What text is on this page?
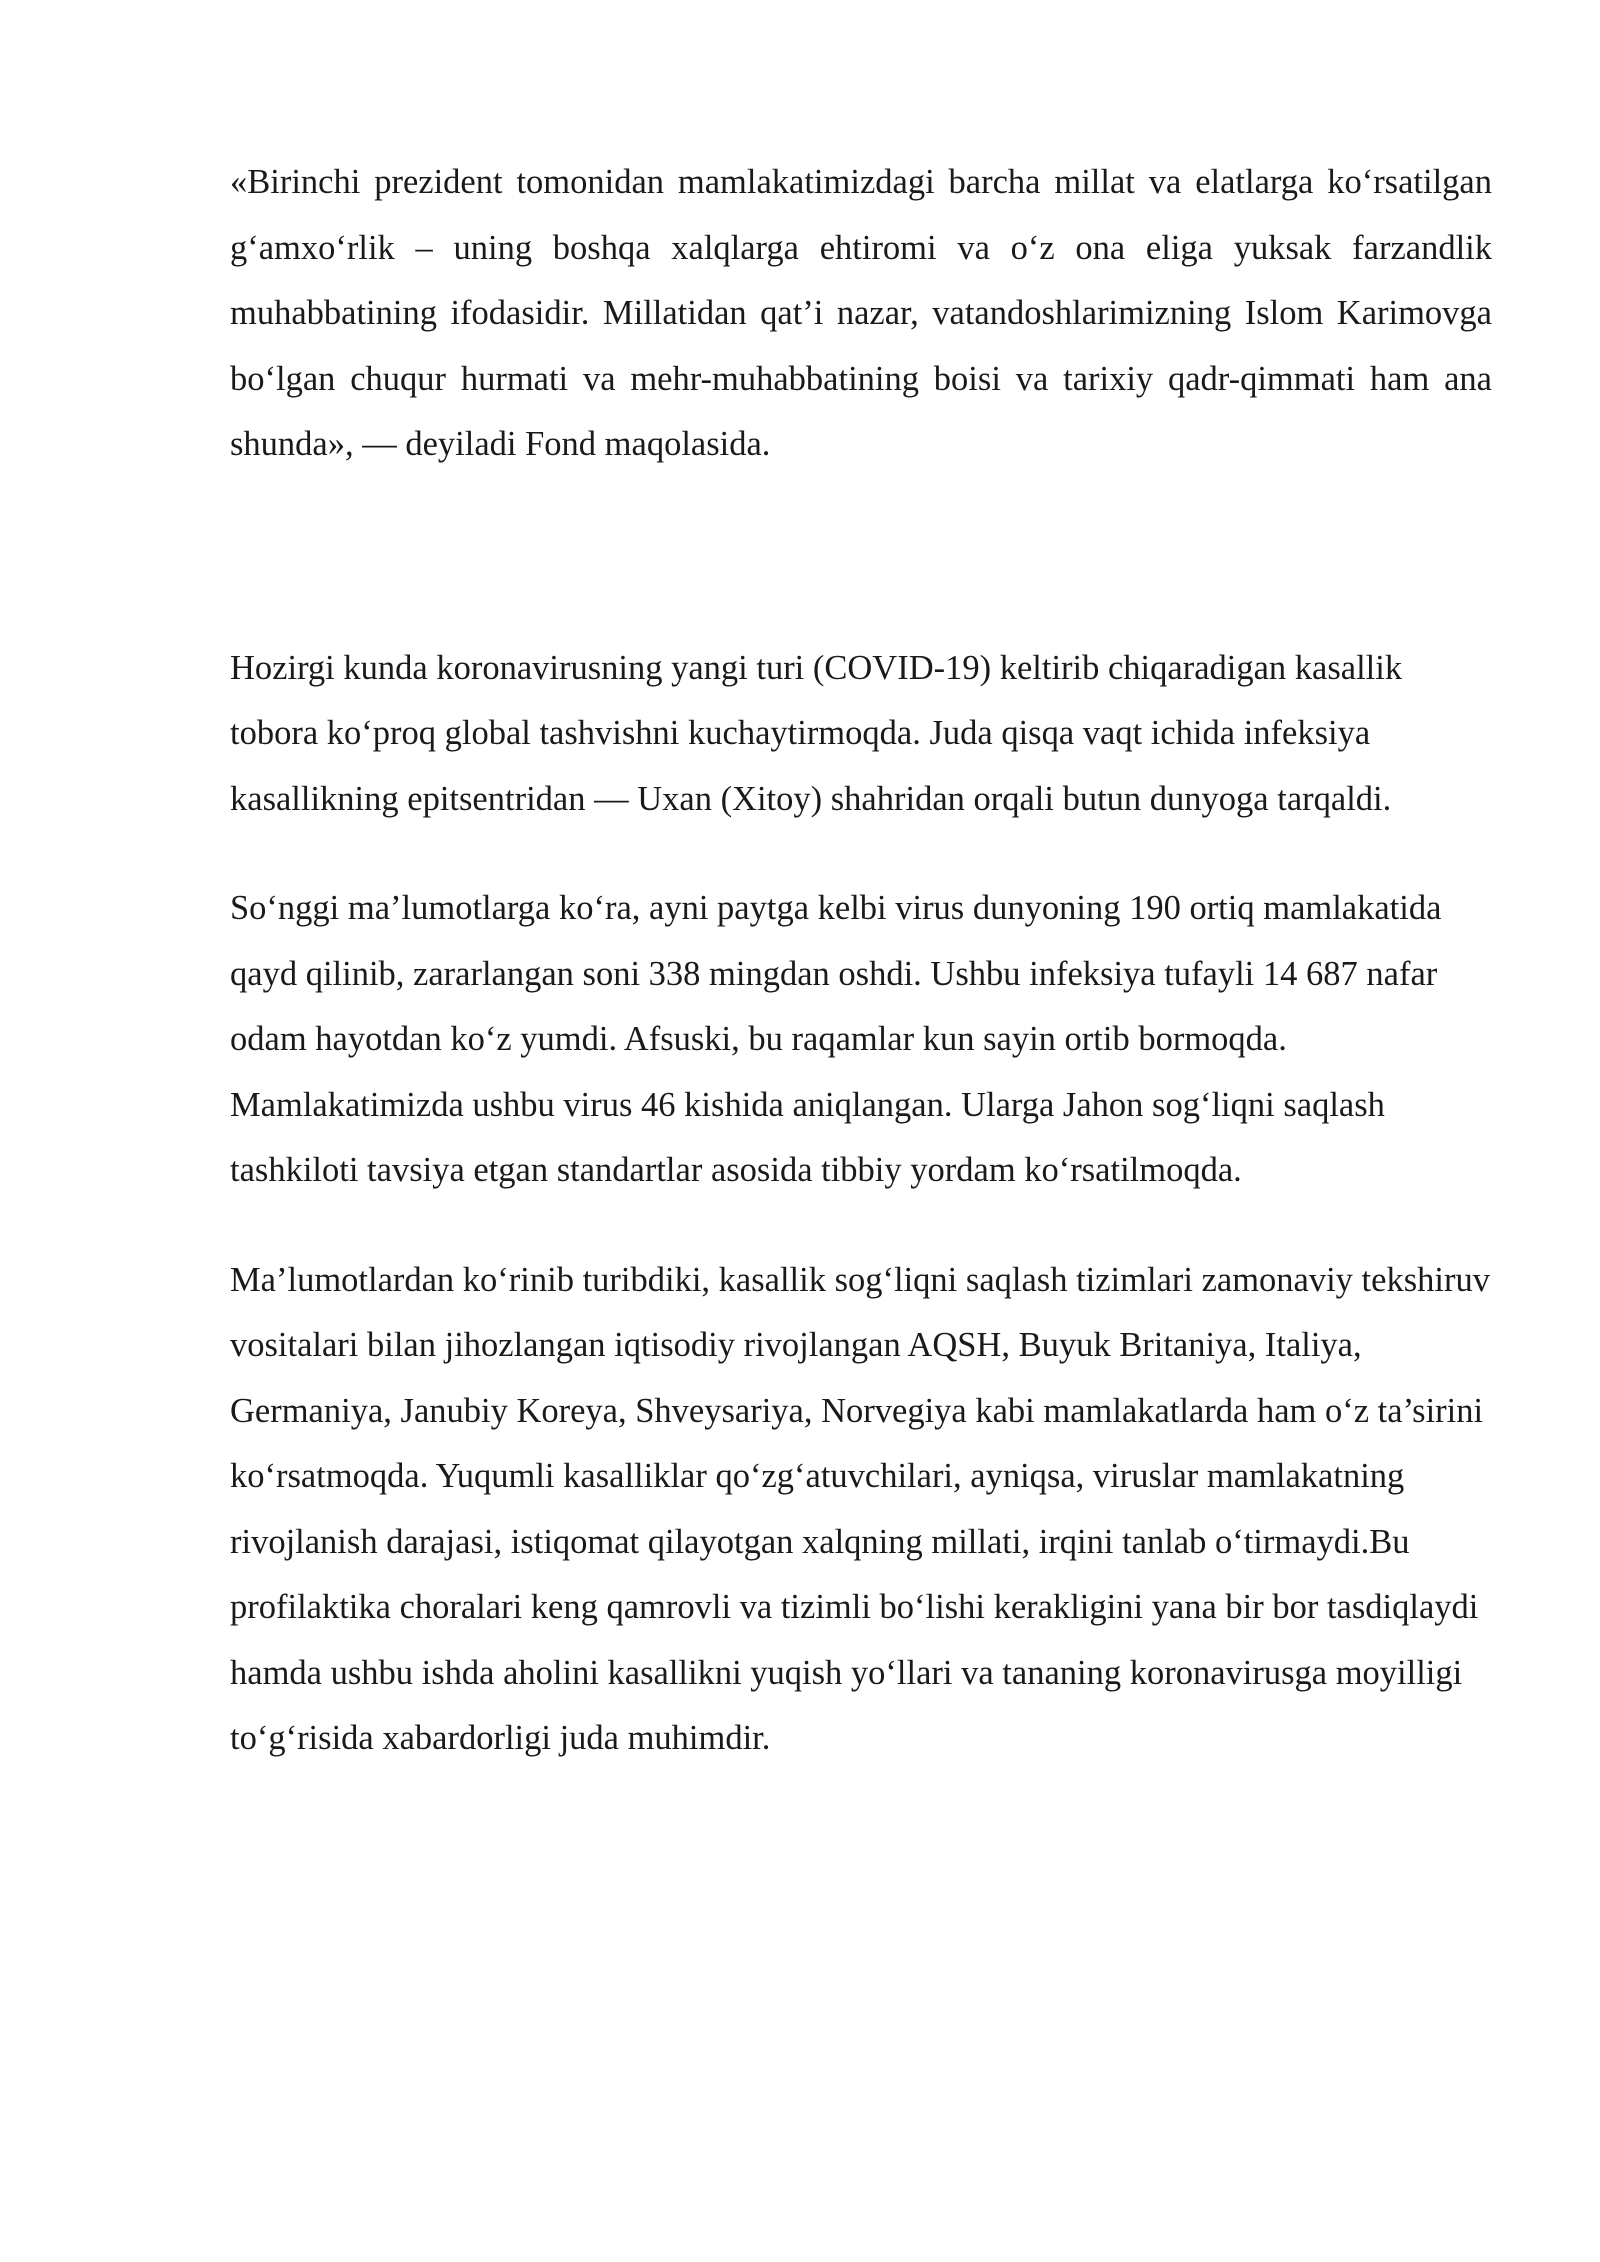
«Birinchi prezident tomonidan mamlakatimizdagi barcha millat va elatlarga koʻrsatilgan gʻamxoʻrlik – uning boshqa xalqlarga ehtiromi va oʻz ona eliga yuksak farzandlik muhabbatining ifodasidir. Millatidan qat’i nazar, vatandoshlarimizning Islom Karimovga boʻlgan chuqur hurmati va mehr-muhabbatining boisi va tarixiy qadr-qimmati ham ana shunda», — deyiladi Fond maqolasida.

Hozirgi kunda koronavirusning yangi turi (COVID-19) keltirib chiqaradigan kasallik tobora koʻproq global tashvishni kuchaytirmoqda. Juda qisqa vaqt ichida infeksiya kasallikning epitsentridan — Uxan (Xitoy) shahridan orqali butun dunyoga tarqaldi.

Soʻnggi ma’lumotlarga koʻra, ayni paytga kelbi virus dunyoning 190 ortiq mamlakatida qayd qilinib, zararlangan soni 338 mingdan oshdi. Ushbu infeksiya tufayli 14 687 nafar odam hayotdan koʻz yumdi. Afsuski, bu raqamlar kun sayin ortib bormoqda. Mamlakatimizda ushbu virus 46 kishida aniqlangan. Ularga Jahon sogʻliqni saqlash tashkiloti tavsiya etgan standartlar asosida tibbiy yordam koʻrsatilmoqda.

Ma’lumotlardan koʻrinib turibdiki, kasallik sogʻliqni saqlash tizimlari zamonaviy tekshiruv vositalari bilan jihozlangan iqtisodiy rivojlangan AQSH, Buyuk Britaniya, Italiya, Germaniya, Janubiy Koreya, Shveysariya, Norvegiya kabi mamlakatlarda ham oʻz ta’sirini koʻrsatmoqda. Yuqumli kasalliklar qoʻzgʻatuvchilari, ayniqsa, viruslar mamlakatning rivojlanish darajasi, istiqomat qilayotgan xalqning millati, irqini tanlab oʻtirmaydi.Bu profilaktika choralari keng qamrovli va tizimli boʻlishi kerakligini yana bir bor tasdiqlaydi hamda ushbu ishda aholini kasallikni yuqish yoʻllari va tananing koronavirusga moyilligi toʻgʻrisida xabardorligi juda muhimdir.
